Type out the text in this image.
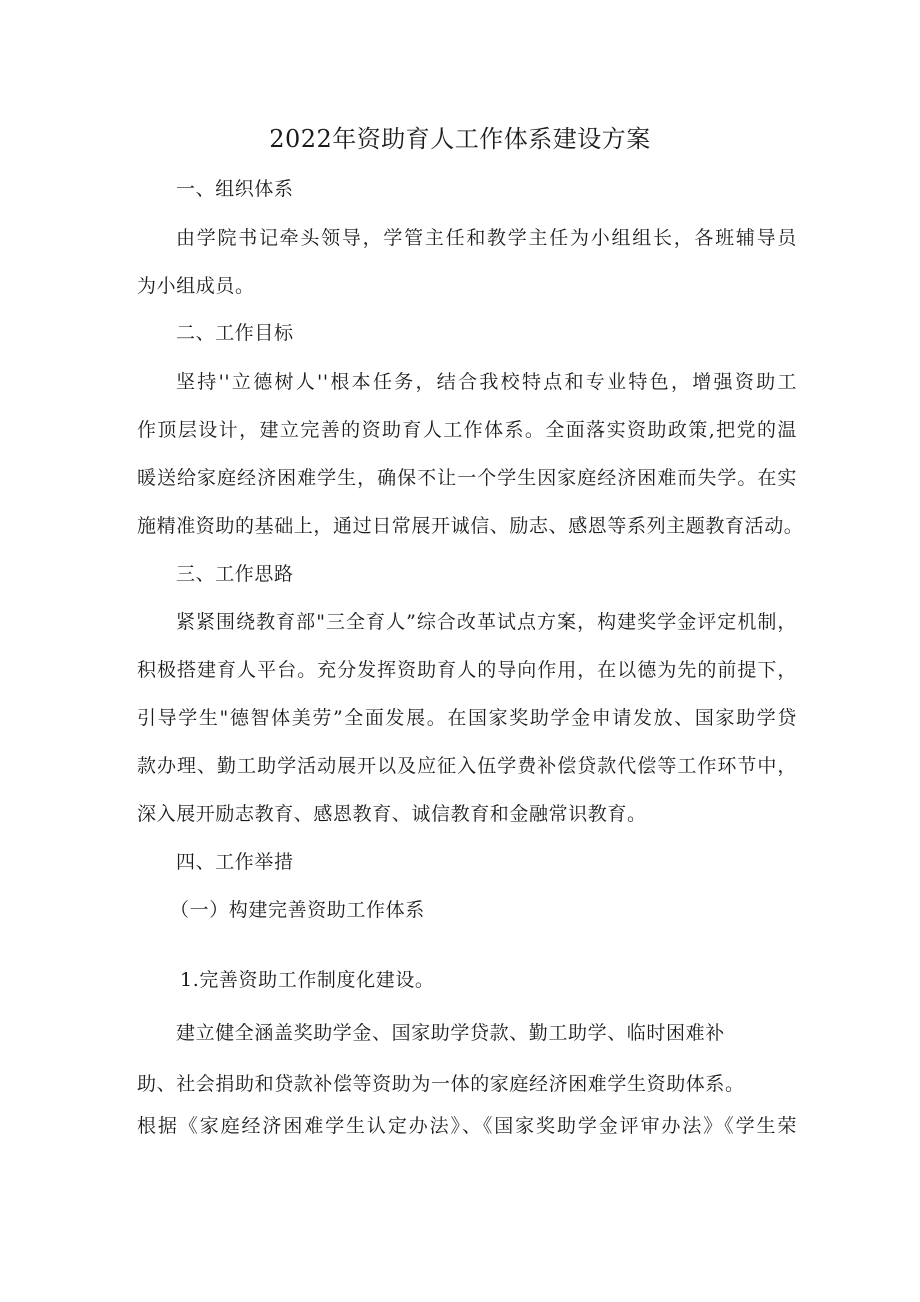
2022年资助育人工作体系建设方案
一、组织体系
由学院书记牵头领导，学管主任和教学主任为小组组长，各班辅导员
为小组成员。
二、工作目标
坚持''立德树人''根本任务，结合我校特点和专业特色，增强资助工
作顶层设计，建立完善的资助育人工作体系。全面落实资助政策,把党的温
暖送给家庭经济困难学生，确保不让一个学生因家庭经济困难而失学。在实
施精准资助的基础上，通过日常展开诚信、励志、感恩等系列主题教育活动。
三、工作思路
紧紧围绕教育部"三全育人”综合改革试点方案，构建奖学金评定机制，
积极搭建育人平台。充分发挥资助育人的导向作用，在以德为先的前提下，
引导学生"德智体美劳”全面发展。在国家奖助学金申请发放、国家助学贷
款办理、勤工助学活动展开以及应征入伍学费补偿贷款代偿等工作环节中，
深入展开励志教育、感恩教育、诚信教育和金融常识教育。
四、工作举措
（一）构建完善资助工作体系
1.完善资助工作制度化建设。
建立健全涵盖奖助学金、国家助学贷款、勤工助学、临时困难补
助、社会捐助和贷款补偿等资助为一体的家庭经济困难学生资助体系。
根据《家庭经济困难学生认定办法》、《国家奖助学金评审办法》《学生荣
